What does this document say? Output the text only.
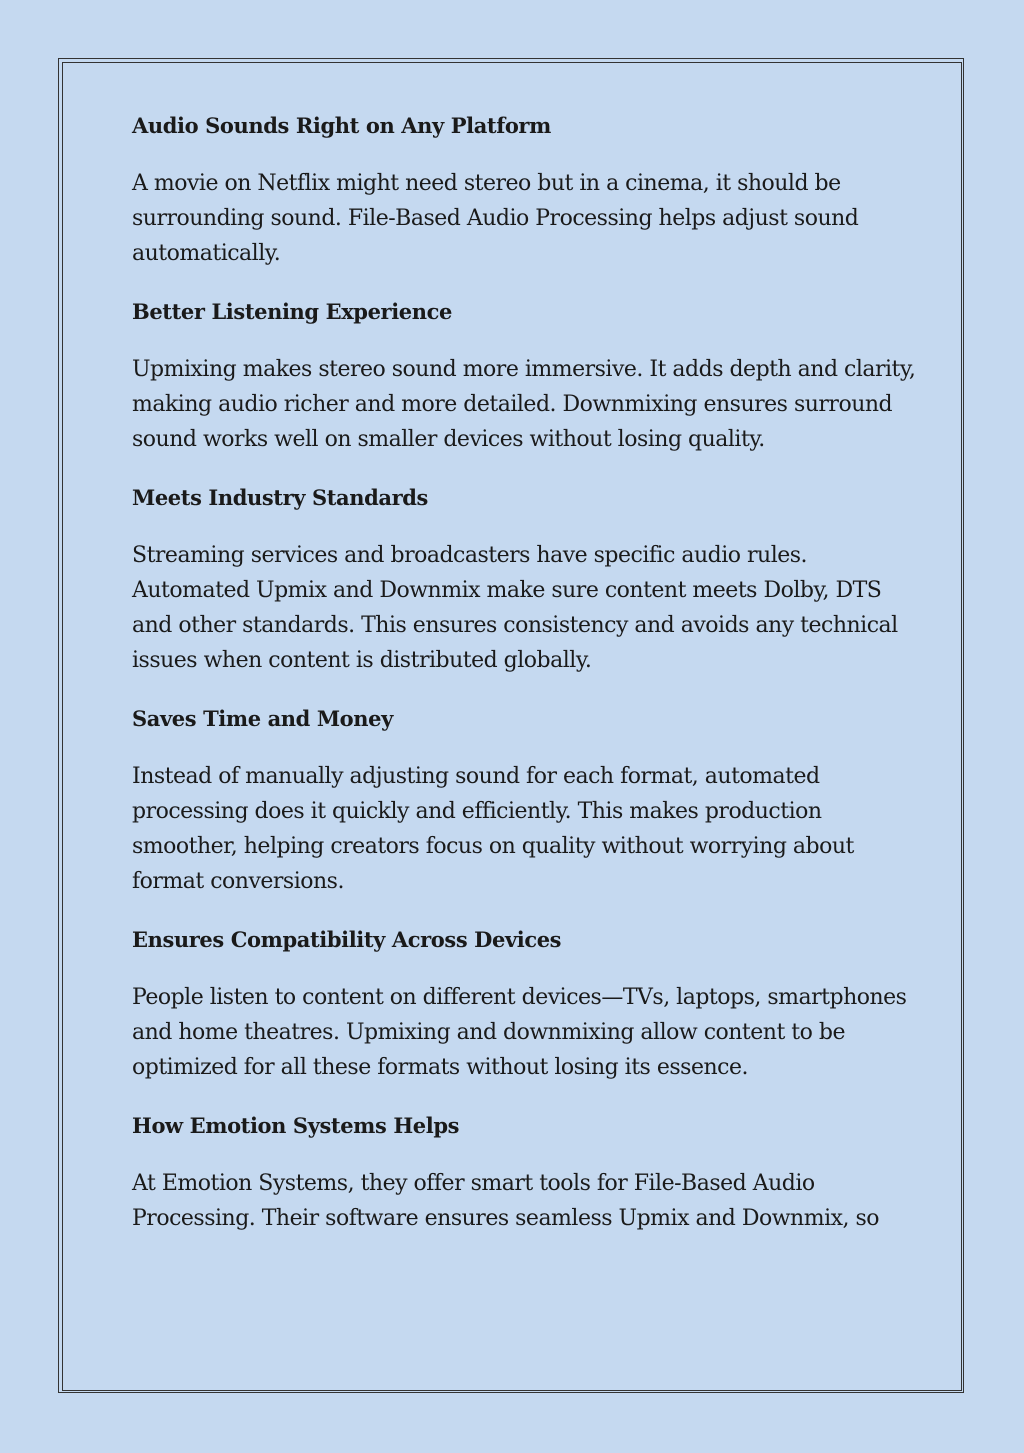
Audio Sounds Right on Any Platform
A movie on Netflix might need stereo but in a cinema, it should be surrounding sound. File-Based Audio Processing helps adjust sound automatically.
Better Listening Experience
Upmixing makes stereo sound more immersive. It adds depth and clarity, making audio richer and more detailed. Downmixing ensures surround sound works well on smaller devices without losing quality.
Meets Industry Standards
Streaming services and broadcasters have specific audio rules. Automated Upmix and Downmix make sure content meets Dolby, DTS and other standards. This ensures consistency and avoids any technical issues when content is distributed globally.
Saves Time and Money
Instead of manually adjusting sound for each format, automated processing does it quickly and efficiently. This makes production smoother, helping creators focus on quality without worrying about format conversions.
Ensures Compatibility Across Devices
People listen to content on different devices—TVs, laptops, smartphones and home theatres. Upmixing and downmixing allow content to be optimized for all these formats without losing its essence.
How Emotion Systems Helps
At Emotion Systems, they offer smart tools for File-Based Audio Processing. Their software ensures seamless Upmix and Downmix, so
